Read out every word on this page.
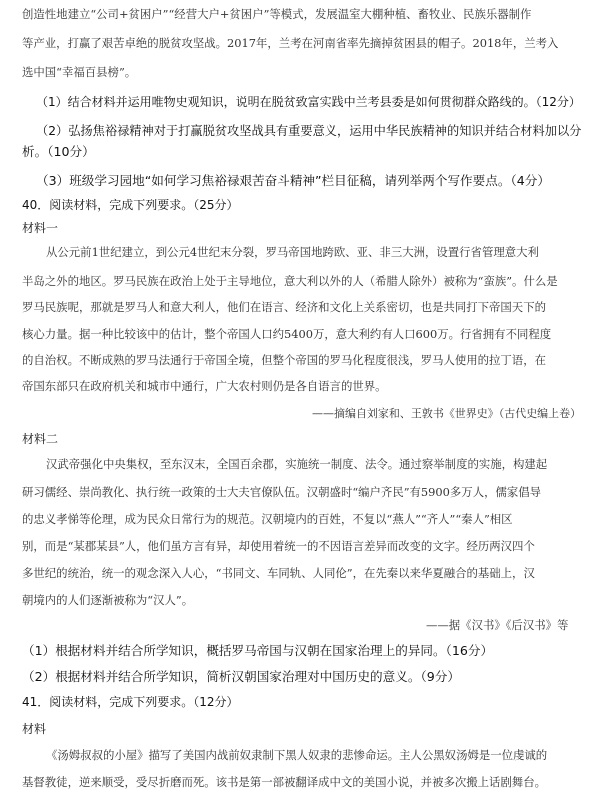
创造性地建立“公司+贫困户”“经营大户+贫困户”等模式，发展温室大棚种植、畜牧业、民族乐器制作
等产业，打赢了艰苦卓绝的脱贫攻坚战。2017年，兰考在河南省率先摘掉贫困县的帽子。2018年，兰考入
选中国“幸福百县榜”。
（1）结合材料并运用唯物史观知识，说明在脱贫致富实践中兰考县委是如何贯彻群众路线的。（12分）
（2）弘扬焦裕禄精神对于打赢脱贫攻坚战具有重要意义，运用中华民族精神的知识并结合材料加以分
析。（10分）
（3）班级学习园地“如何学习焦裕禄艰苦奋斗精神”栏目征稿，请列举两个写作要点。（4分）
40．阅读材料，完成下列要求。（25分）
材料一
从公元前1世纪建立，到公元4世纪末分裂，罗马帝国地跨欧、亚、非三大洲，设置行省管理意大利
半岛之外的地区。罗马民族在政治上处于主导地位，意大利以外的人（希腊人除外）被称为“蛮族”。什么是
罗马民族呢，那就是罗马人和意大利人，他们在语言、经济和文化上关系密切，也是共同打下帝国天下的
核心力量。据一种比较该中的估计，整个帝国人口约5400万，意大利约有人口600万。行省拥有不同程度
的自治权。不断成熟的罗马法通行于帝国全境，但整个帝国的罗马化程度很浅，罗马人使用的拉丁语，在
帝国东部只在政府机关和城市中通行，广大农村则仍是各自语言的世界。
——摘编自刘家和、王敦书《世界史》（古代史编上卷）
材料二
汉武帝强化中央集权，至东汉末，全国百余郡，实施统一制度、法令。通过察举制度的实施，构建起
研习儒经、崇尚教化、执行统一政策的士大夫官僚队伍。汉朝盛时“编户齐民”有5900多万人，儒家倡导
的忠义孝悌等伦理，成为民众日常行为的规范。汉朝境内的百姓，不复以“燕人”“齐人”“秦人”相区
别，而是“某郡某县”人，他们虽方言有异，却使用着统一的不因语言差异而改变的文字。经历两汉四个
多世纪的统治，统一的观念深入人心，“书同文、车同轨、人同伦”，在先秦以来华夏融合的基础上，汉
朝境内的人们逐渐被称为“汉人”。
——据《汉书》《后汉书》等
（1）根据材料并结合所学知识，概括罗马帝国与汉朝在国家治理上的异同。（16分）
（2）根据材料并结合所学知识，简析汉朝国家治理对中国历史的意义。（9分）
41．阅读材料，完成下列要求。（12分）
材料
《汤姆叔叔的小屋》描写了美国内战前奴隶制下黑人奴隶的悲惨命运。主人公黑奴汤姆是一位虔诚的
基督教徒，逆来顺受，受尽折磨而死。该书是第一部被翻译成中文的美国小说，并被多次搬上话剧舞台。
